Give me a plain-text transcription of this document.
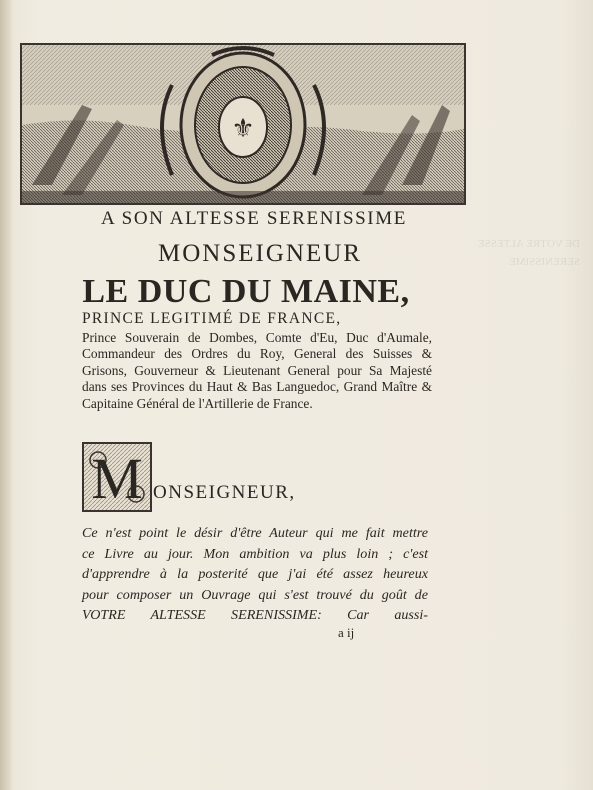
DE VOTRE ALTESSE SERENISSIME
⚜
A SON ALTESSE SERENISSIME
MONSEIGNEUR
LE DUC DU MAINE,
PRINCE LEGITIMÉ DE FRANCE,
Prince Souverain de Dombes, Comte d'Eu, Duc d'Aumale, Commandeur des Ordres du Roy, General des Suisses & Grisons, Gouverneur & Lieutenant General pour Sa Majesté dans ses Provinces du Haut & Bas Languedoc, Grand Maître & Capitaine Général de l'Artillerie de France.
M ONSEIGNEUR,
Ce n'est point le désir d'être Auteur qui me fait mettre
ce Livre au jour. Mon ambition va plus loin ; c'est
d'apprendre à la posterité que j'ai été assez heureux
pour composer un Ouvrage qui s'est trouvé du goût de
VOTRE ALTESSE SERENISSIME: Car aussi-
a ij
